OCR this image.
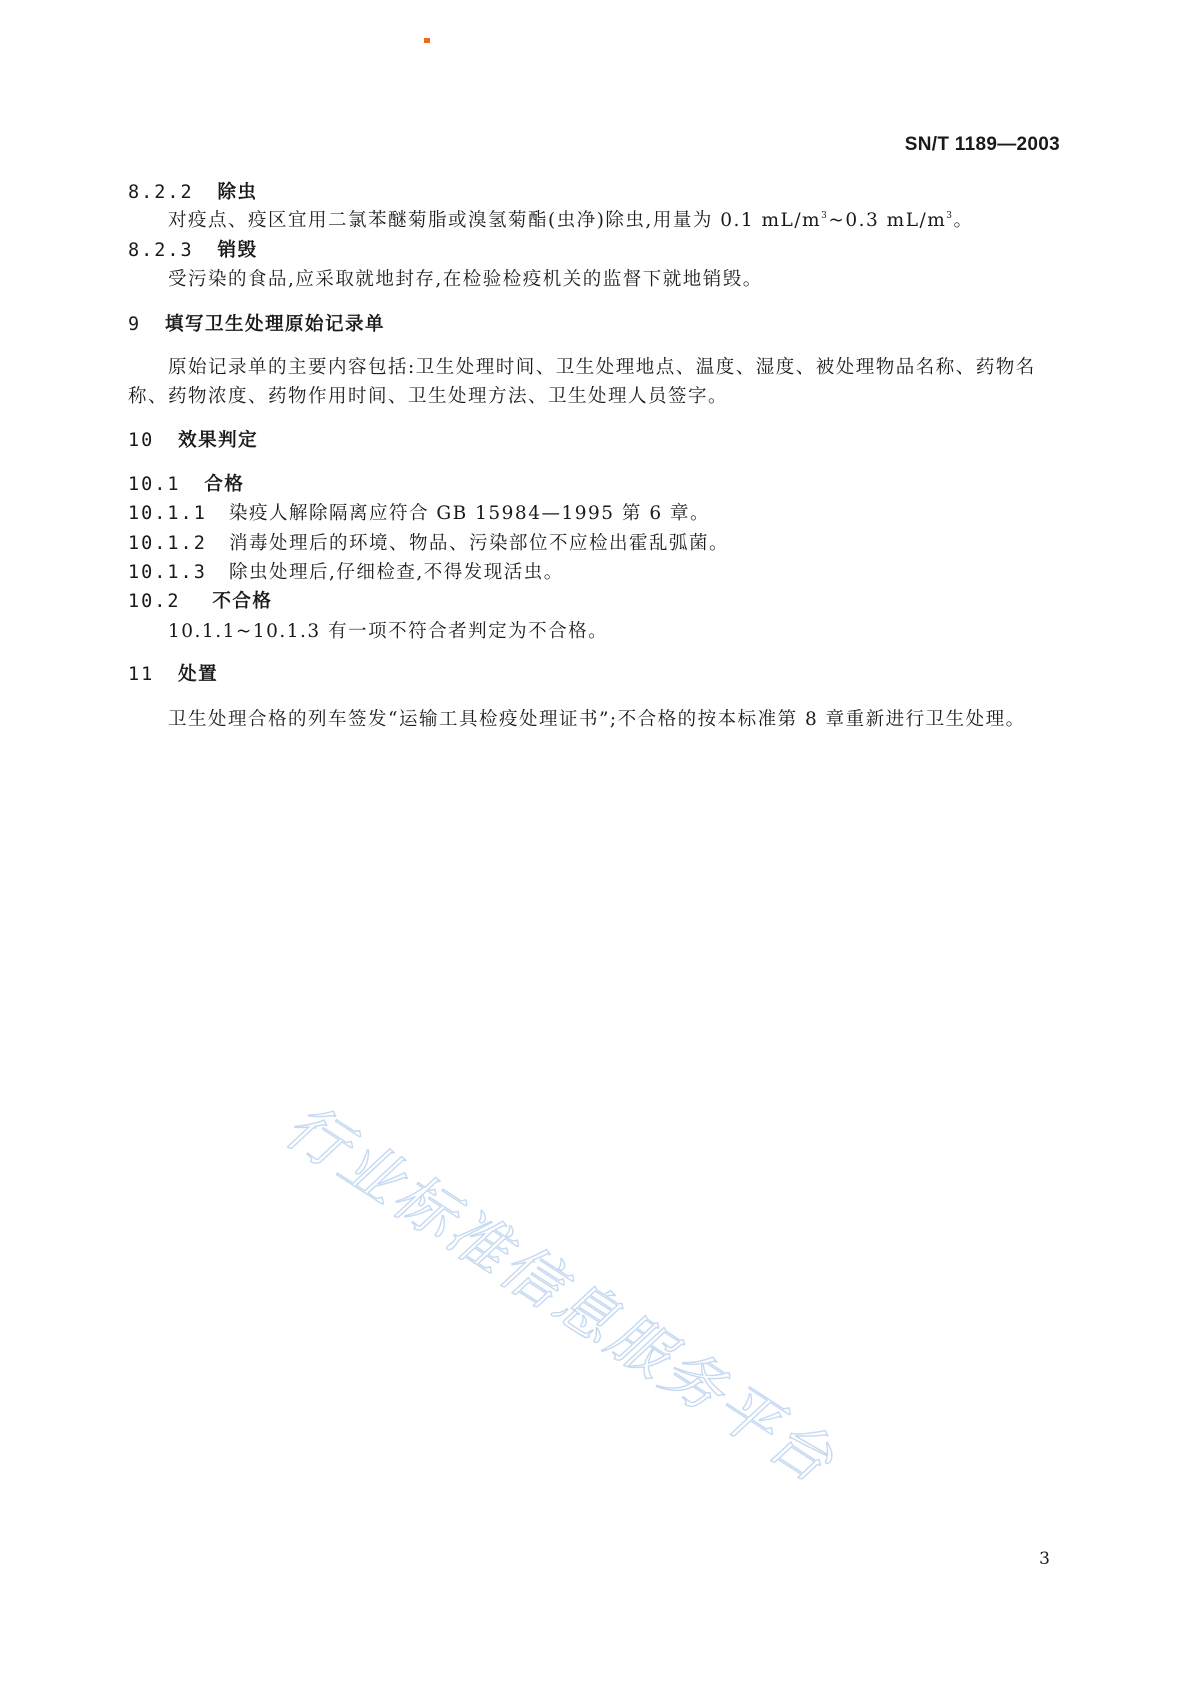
SN/T 1189—2003
8.2.2 除虫
对疫点、疫区宜用二氯苯醚菊脂或溴氢菊酯(虫净)除虫,用量为 0.1 $mL/m^3\sim 0.3$ $mL/m^3$。
8.2.3 销毁
受污染的食品,应采取就地封存,在检验检疫机关的监督下就地销毁。
9 填写卫生处理原始记录单
原始记录单的主要内容包括:卫生处理时间、卫生处理地点、温度、湿度、被处理物品名称、药物名
称、药物浓度、药物作用时间、卫生处理方法、卫生处理人员签字。
10 效果判定
10.1 合格
10.1.1 染疫人解除隔离应符合 GB 15984—1995 第 6 章。
10.1.2 消毒处理后的环境、物品、污染部位不应检出霍乱弧菌。
10.1.3 除虫处理后,仔细检查,不得发现活虫。
10.2 不合格
10.1.1~10.1.3 有一项不符合者判定为不合格。
11 处置
卫生处理合格的列车签发“运输工具检疫处理证书”;不合格的按本标准第 8 章重新进行卫生处理。
行业标准信息服务平台
3
